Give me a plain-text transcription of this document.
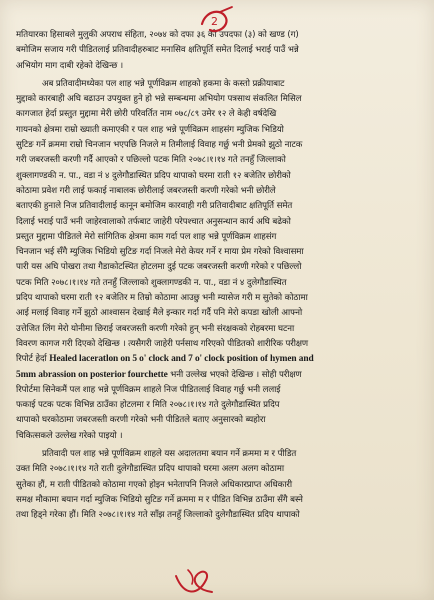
2

मतियारका हिसाबले मुलुकी अपराध संहिता, २०७४ को दफा ३६ को उपदफा (३) को खण्ड (ग)

बमोजिम सजाय गरी पीडितलाई प्रतिवादीहरुबाट मनासिव क्षतिपूर्ति समेत दिलाई भराई पाउँ भन्ने

अभियोग माग दाबी रहेको देखिन्छ ।

अब प्रतिवादीमध्येका पल शाह भन्ने पूर्णविक्रम शाहको हकमा के कस्तो प्रक्रीयाबाट

मुद्दाको कारबाही अघि बढाउन उपयुक्त हुने हो भन्ने सम्बन्धमा अभियोग पत्रसाथ संकलित मिसिल

कागजात हेर्दा प्रस्तुत मुद्दामा मेरी छोरी परिवर्तित नाम ०७८/८९ उमेर १२ ले केही वर्षदेखि

गायनको क्षेत्रमा राम्रो ख्याती कमाएकी र पल शाह भन्ने पूर्णविक्रम शाहसंग म्युजिक भिडियो

सुटिङ गर्ने क्रममा राम्रो चिनजान भएपछि निजले म तिमीलाई विवाह गर्छु भनी प्रेमको झुठो नाटक

गरी जबरजस्ती करणी गर्दै आएको र पछिल्लो पटक मिति २०७८।१।१४ गते तनहुँ जिल्लाको

शुक्लागण्डकी न. पा., वडा नं ४ दुलेगौडास्थित प्रदिप थापाको घरमा राती १२ बजेतिर छोरीको

कोठामा प्रवेश गरी लाई फकाई नाबालक छोरीलाई जबरजस्ती करणी गरेको भनी छोरीले

बताएकी हुनाले निज प्रतिवादीलाई कानून बमोजिम कारवाही गरी प्रतिवादीबाट क्षतिपूर्ति समेत

दिलाई भराई पाउँ भनी जाहेरवालाको तर्फबाट जाहेरी परेपश्चात अनुसन्धान कार्य अघि बढेको

प्रस्तुत मुद्दामा पीडितले मेरो सांगितिक क्षेत्रमा काम गर्दा पल शाह भन्ने पूर्णविक्रम शाहसंग

चिनजान भई सँगै म्युजिक भिडियो सुटिङ गर्दा निजले मेरो केयर गर्ने र माया प्रेम गरेको विश्वासमा

पारी यस अघि पोखरा तथा गैडाकोटस्थित होटलमा दुई पटक जबरजस्ती करणी गरेको र पछिल्लो

पटक मिति २०७८।१।१४ गते तनहुँ जिल्लाको शुक्लागण्डकी न. पा., वडा नं ४ दुलेगौडास्थित

प्रदिप थापाको घरमा राती १२ बजेतिर म तिम्रो कोठामा आउछु भनी म्यासेज गरी म सुतेको कोठामा

आई मलाई विवाह गर्ने झुठो आश्वासन देखाई मैले इन्कार गर्दा गर्दै पनि मेरो कपडा खोली आफ्नो

उत्तेजित लिंग मेरो योनीमा छिराई जबरजस्ती करणी गरेको हुन् भनी संरक्षकको रोहबरमा घटना

विवरण कागज गरी दिएको देखिन्छ । त्यसैगरी जाहेरी पर्नसाथ गरिएको पीडितको शारीरिक परीक्षण

रिपोर्ट हेर्दा Healed laceratlon on 5 o' clock and 7 o' clock position of hymen and

5mm abrassion on posterior fourchette भनी उल्लेख भएको देखिन्छ । सोही परीक्षण

रिपोर्टमा सिनेकमैं पल शाह भन्ने पूर्णविक्रम शाहले निज पीडितलाई विवाह गर्छु भनी ललाई

फकाई पटक पटक विभिन्न ठाउँका होटलमा र मिति २०७८।१।१४ गते दुलेगौडास्थित प्रदिप

थापाको घरकोठामा जबरजस्ती करणी गरेको भनी पीडितले बताए अनुसारको ब्यहोरा

चिकित्सकले उल्लेख गरेको पाइयो ।

प्रतिवादी पल शाह भन्ने पूर्णविक्रम शाहले यस अदालतमा बयान गर्ने क्रममा म र पीडित

उक्त मिति २०७८।१।१४ गते राती दुलेगौडास्थित प्रदिप थापाको घरमा अलग अलग कोठामा

सुतेका हौं, म राती पीडितको कोठामा गएको होइन भनेतापनि निजले अधिकारप्राप्त अधिकारी

समक्ष मौकामा बयान गर्दा म्युजिक भिडियो सुटिङ गर्ने क्रममा म र पीडित विभिन्न ठाउँमा सँगै बस्ने

तथा हिड्ने गरेका हौं। मिति २०७८।१।१४ गते साँझ तनहुँ जिल्लाको दुलेगौडास्थित प्रदिप थापाको
